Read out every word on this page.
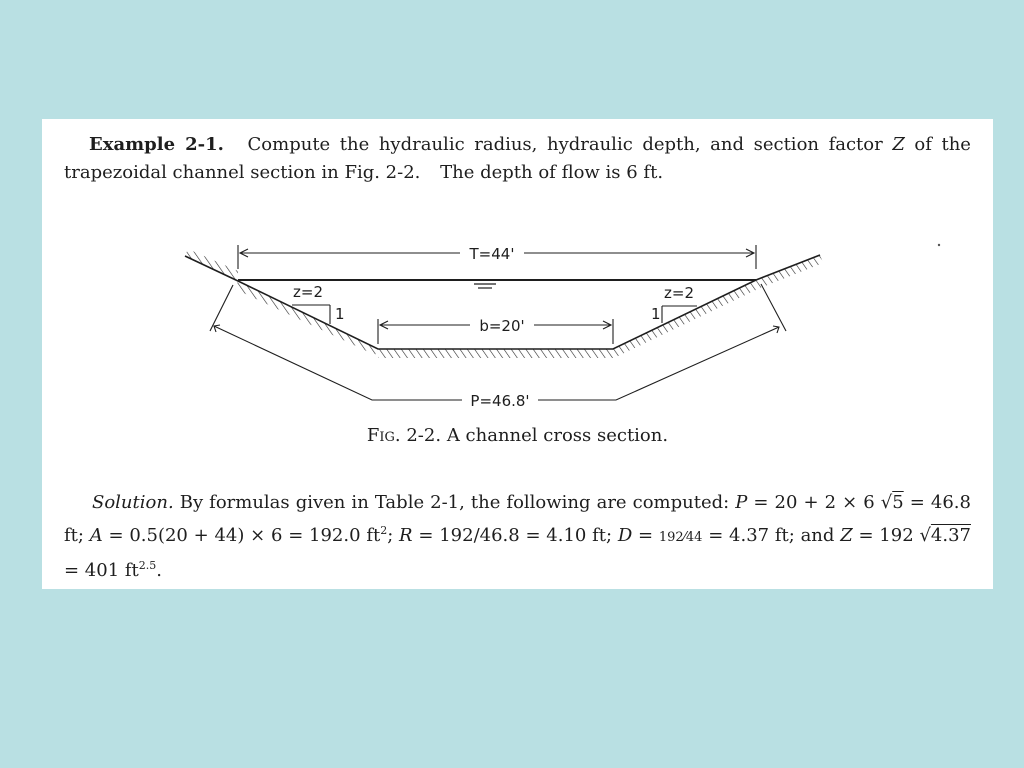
Example 2-1. Compute the hydraulic radius, hydraulic depth, and section factor Z of the trapezoidal channel section in Fig. 2-2. The depth of flow is 6 ft.

T=44'
b=20'
P=46.8'
z=2
1
z=2
1

Fig. 2-2. A channel cross section.

Solution. By formulas given in Table 2-1, the following are computed: P = 20 + 2 × 6 √5 = 46.8 ft; A = 0.5(20 + 44) × 6 = 192.0 $ft^2$; R = 192/46.8 = 4.10 ft; D = 192⁄44 = 4.37 ft; and Z = 192 √4.37 = 401 $ft^{2.5}$.
